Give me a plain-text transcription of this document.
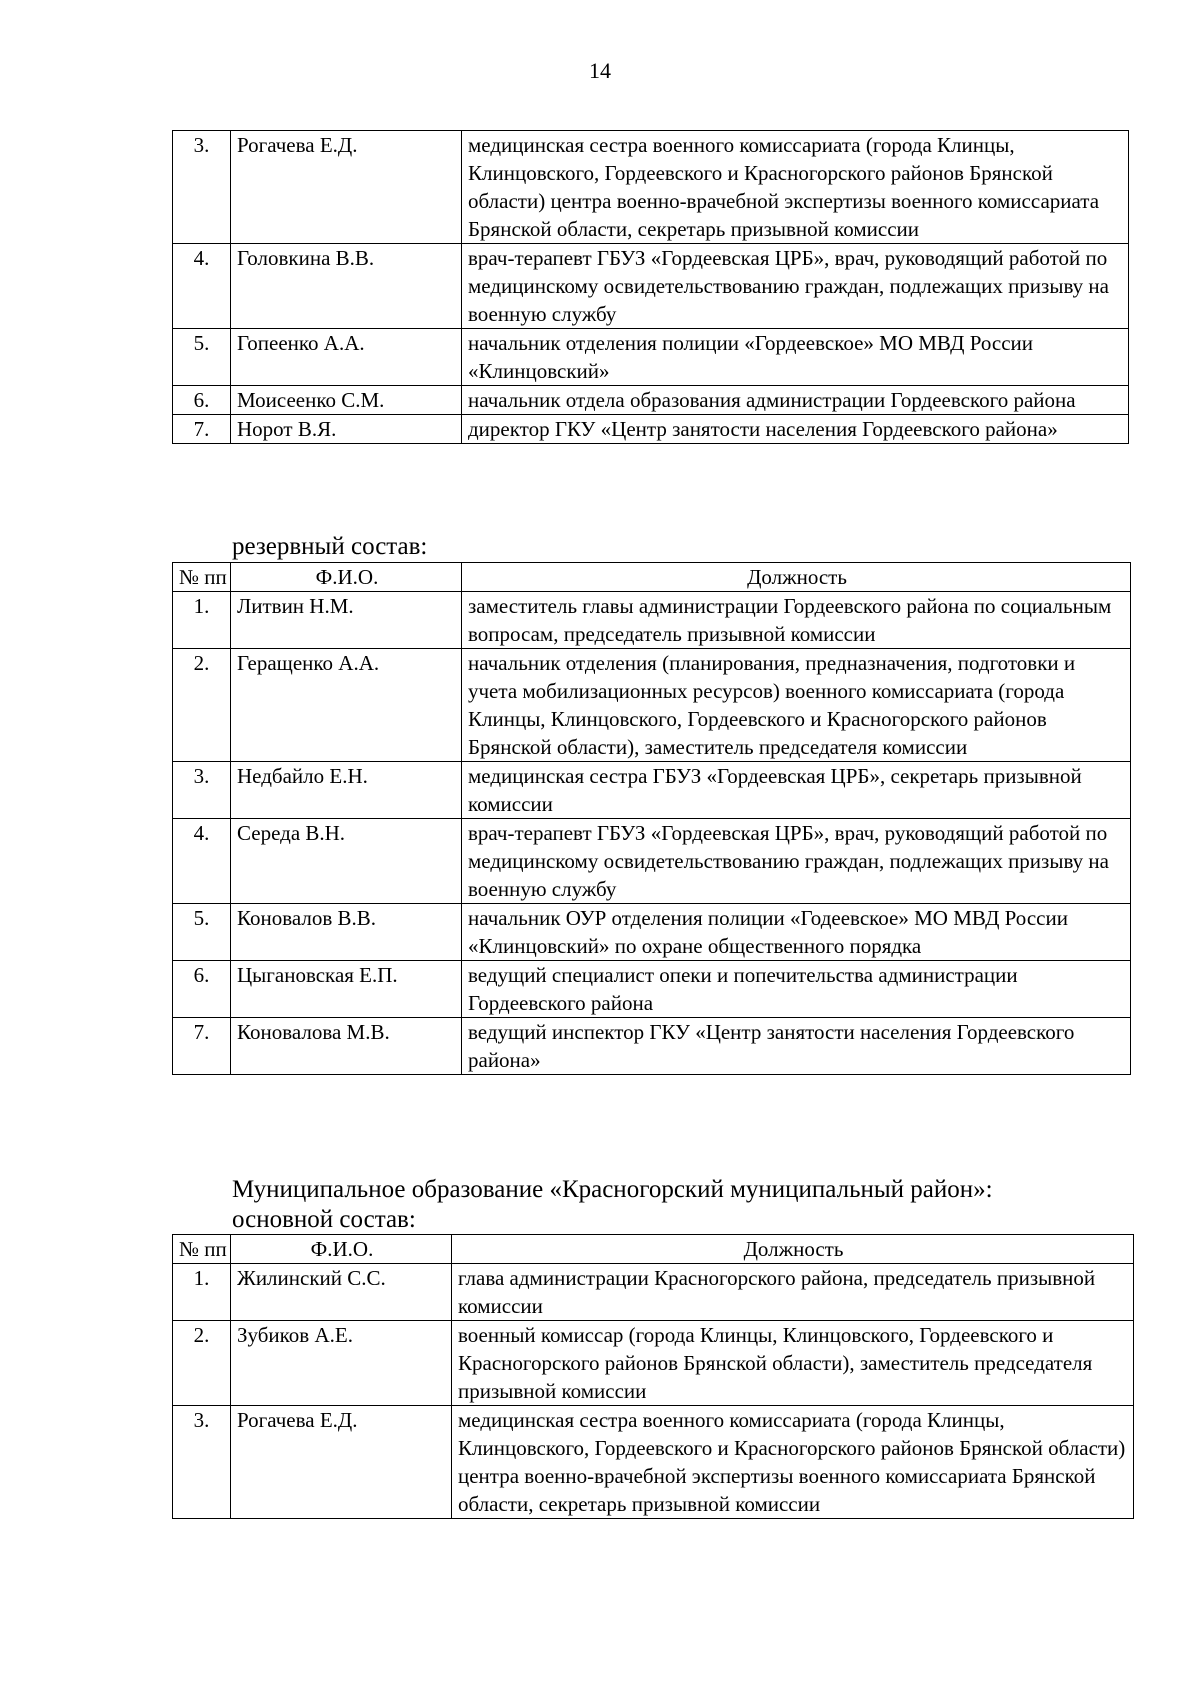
14
3.	Рогачева Е.Д.	медицинская сестра военного комиссариата (города Клинцы, Клинцовского, Гордеевского и Красногорского районов Брянской области) центра военно-врачебной экспертизы военного комиссариата Брянской области, секретарь призывной комиссии
4.	Головкина В.В.	врач-терапевт ГБУЗ «Гордеевская ЦРБ», врач, руководящий работой по медицинскому освидетельствованию граждан, подлежащих призыву на военную службу
5.	Гопеенко А.А.	начальник отделения полиции «Гордеевское» МО МВД России «Клинцовский»
6.	Моисеенко С.М.	начальник отдела образования администрации Гордеевского района
7.	Норот В.Я.	директор ГКУ «Центр занятости населения Гордеевского района»
резервный состав:
№ пп	Ф.И.О.	Должность
1.	Литвин Н.М.	заместитель главы администрации Гордеевского района по социальным вопросам, председатель призывной комиссии
2.	Геращенко А.А.	начальник отделения (планирования, предназначения, подготовки и учета мобилизационных ресурсов) военного комиссариата (города Клинцы, Клинцовского, Гордеевского и Красногорского районов Брянской области), заместитель председателя комиссии
3.	Недбайло Е.Н.	медицинская сестра ГБУЗ «Гордеевская ЦРБ», секретарь призывной комиссии
4.	Середа В.Н.	врач-терапевт ГБУЗ «Гордеевская ЦРБ», врач, руководящий работой по медицинскому освидетельствованию граждан, подлежащих призыву на военную службу
5.	Коновалов В.В.	начальник ОУР отделения полиции «Годеевское» МО МВД России «Клинцовский» по охране общественного порядка
6.	Цыгановская Е.П.	ведущий специалист опеки и попечительства администрации Гордеевского района
7.	Коновалова М.В.	ведущий инспектор ГКУ «Центр занятости населения Гордеевского района»
Муниципальное образование «Красногорский муниципальный район»:
основной состав:
№ пп	Ф.И.О.	Должность
1.	Жилинский С.С.	глава администрации Красногорского района, председатель призывной комиссии
2.	Зубиков А.Е.	военный комиссар (города Клинцы, Клинцовского, Гордеевского и Красногорского районов Брянской области), заместитель председателя призывной комиссии
3.	Рогачева Е.Д.	медицинская сестра военного комиссариата (города Клинцы, Клинцовского, Гордеевского и Красногорского районов Брянской области) центра военно-врачебной экспертизы военного комиссариата Брянской области, секретарь призывной комиссии
